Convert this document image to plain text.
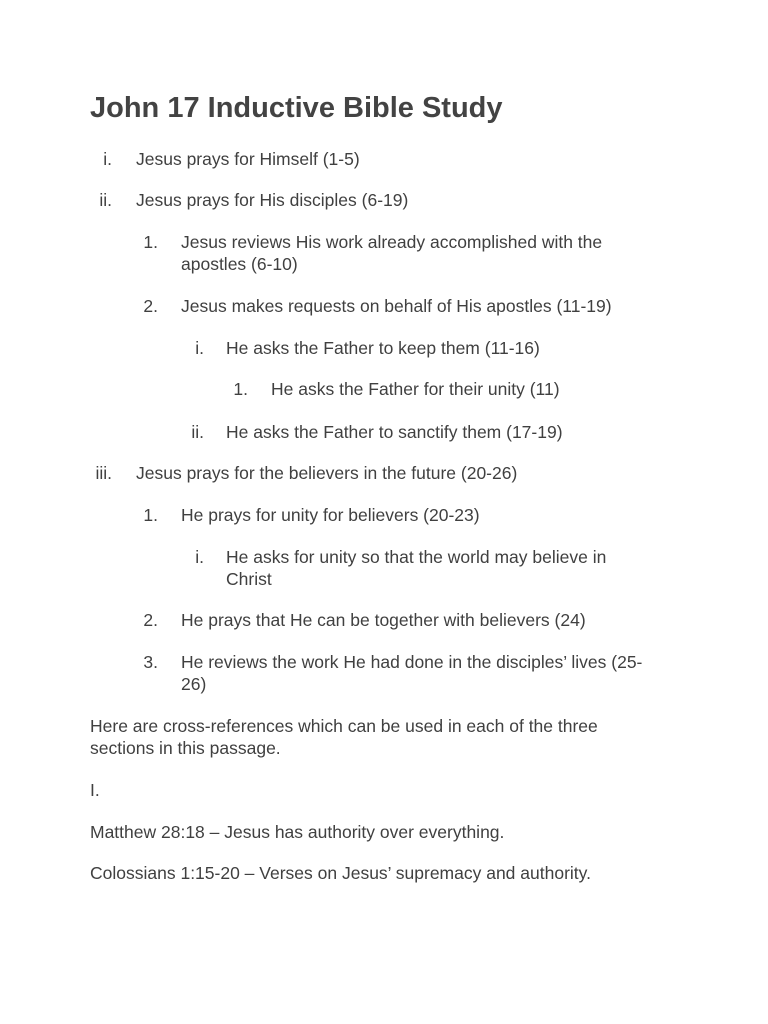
John 17 Inductive Bible Study
i. Jesus prays for Himself (1-5)
ii. Jesus prays for His disciples (6-19)
1. Jesus reviews His work already accomplished with the
apostles (6-10)
2. Jesus makes requests on behalf of His apostles (11-19)
i. He asks the Father to keep them (11-16)
1. He asks the Father for their unity (11)
ii. He asks the Father to sanctify them (17-19)
iii. Jesus prays for the believers in the future (20-26)
1. He prays for unity for believers (20-23)
i. He asks for unity so that the world may believe in
Christ
2. He prays that He can be together with believers (24)
3. He reviews the work He had done in the disciples’ lives (25-
26)
Here are cross-references which can be used in each of the three
sections in this passage.
I.
Matthew 28:18 – Jesus has authority over everything.
Colossians 1:15-20 – Verses on Jesus’ supremacy and authority.
